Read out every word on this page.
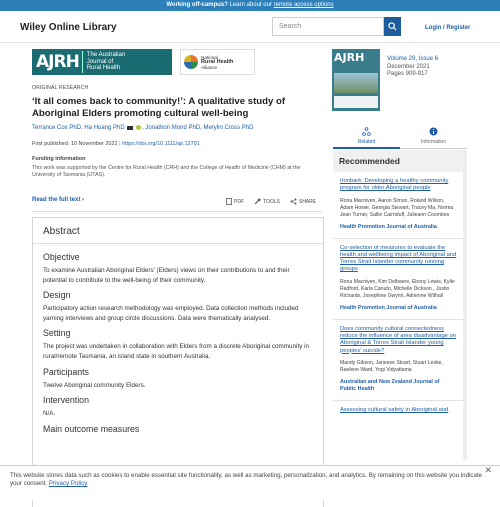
Working off-campus? Learn about our remote access options
Wiley Online Library	Search	Login / Register
AJRH	The Australian
Journal of
Rural Health
National
Rural Health
Alliance
ORIGINAL RESEARCH
‘It all comes back to community!’: A qualitative study of Aboriginal Elders promoting cultural well‐being
Terrance Cox PhD, Ha Hoang PhD	, Jonathon Mond PhD, Merylin Cross PhD
First published: 10 November 2021 | https://doi.org/10.1111/ajr.12791
Funding information
This work was supported by the Centre for Rural Health (CRH) and the College of Health of Medicine (CHM) at the University of Tasmania (UTAS).
Read the full text ›	PDF	TOOLS	SHARE
Abstract
Objective

To examine Australian Aboriginal Elders' (Elders) views on their contributions to and their potential to contribute to the well-being of their community.

Design

Participatory action research methodology was employed. Data collection methods included yarning interviews and group circle discussions. Data were thematically analysed.

Setting

The project was undertaken in collaboration with Elders from a discrete Aboriginal community in rural/remote Tasmania, an island state in southern Australia.

Participants

Twelve Aboriginal community Elders.

Intervention

N/A.

Main outcome measures
AJRH	Volume 29, Issue 6
December 2021
Pages 909-917
Related	Information
Recommended
Ironbark: Developing a healthy community program for older Aboriginal people
Rona Macniven, Aaron Simon, Roland Wilson, Adam Howie, Georgia Stewart, Tracey Ma, Norma Jean Turner, Sallie Cairnduff, Julieann Coombes
Health Promotion Journal of Australia
Co-selection of measures to evaluate the health and wellbeing impact of Aboriginal and Torres Strait Islander community running groups
Rona Macniven, Kim Delbaere, Ebony Lewis, Kylie Radford, Karla Canuto, Michelle Dickson , Justin Richards, Josephine Gwynn, Adrienne Withall
Health Promotion Journal of Australia
Does community cultural connectedness reduce the influence of area disadvantage on Aboriginal & Torres Strait Islander young peoples' suicide?
Mandy Gibson, Janeese Stuart, Stuart Leske, Raelene Ward, Yogi Vidyattama
Australian and New Zealand Journal of Public Health
Assessing cultural safety in Aboriginal and
This website stores data such as cookies to enable essential site functionality, as well as marketing, personalization, and analytics. By remaining on this website you indicate your consent. Privacy Policy
✕
